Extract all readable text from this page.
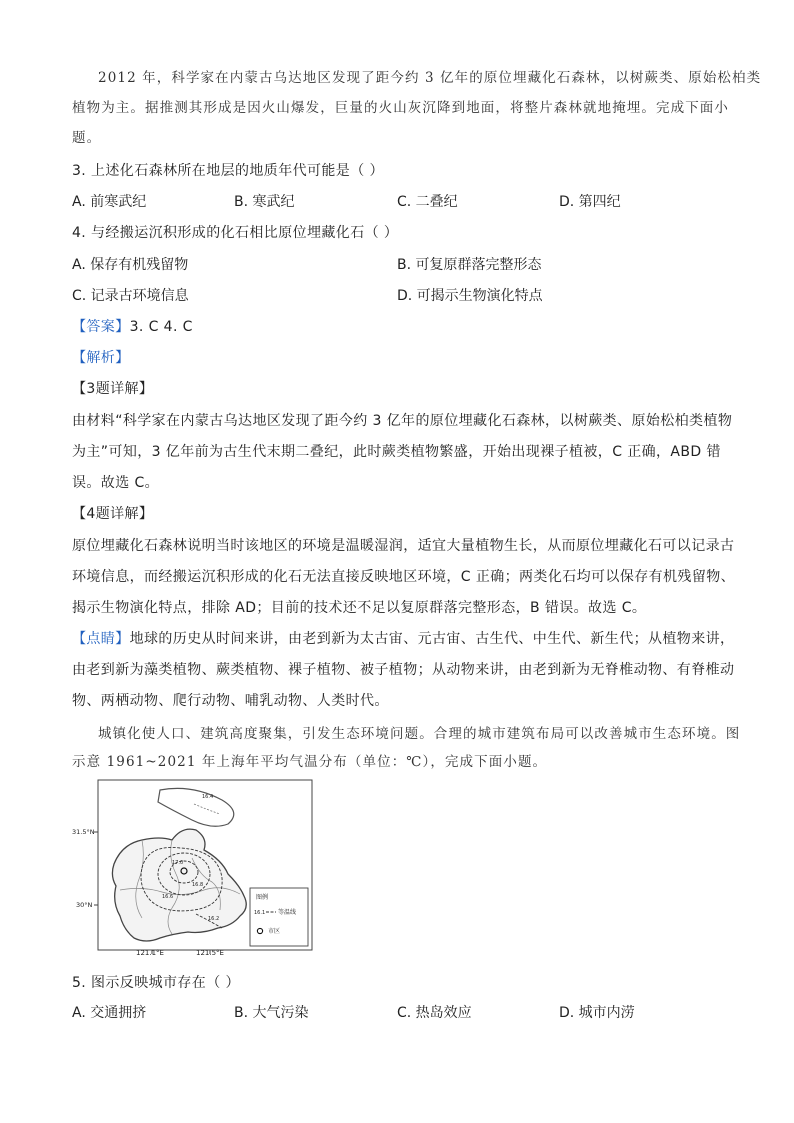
2012 年，科学家在内蒙古乌达地区发现了距今约 3 亿年的原位埋藏化石森林，以树蕨类、原始松柏类
植物为主。据推测其形成是因火山爆发，巨量的火山灰沉降到地面，将整片森林就地掩埋。完成下面小
题。
3. 上述化石森林所在地层的地质年代可能是（ ）
A. 前寒武纪	B. 寒武纪	C. 二叠纪	D. 第四纪
4. 与经搬运沉积形成的化石相比原位埋藏化石（ ）
A. 保存有机残留物	B. 可复原群落完整形态
C. 记录古环境信息	D. 可揭示生物演化特点
【答案】3. C 4. C
【解析】
【3题详解】
由材料“科学家在内蒙古乌达地区发现了距今约 3 亿年的原位埋藏化石森林，以树蕨类、原始松柏类植物
为主”可知，3 亿年前为古生代末期二叠纪，此时蕨类植物繁盛，开始出现裸子植被，C 正确，ABD 错
误。故选 C。
【4题详解】
原位埋藏化石森林说明当时该地区的环境是温暖湿润，适宜大量植物生长，从而原位埋藏化石可以记录古
环境信息，而经搬运沉积形成的化石无法直接反映地区环境，C 正确；两类化石均可以保存有机残留物、
揭示生物演化特点，排除 AD；目前的技术还不足以复原群落完整形态，B 错误。故选 C。
【点睛】地球的历史从时间来讲，由老到新为太古宙、元古宙、古生代、中生代、新生代；从植物来讲，
由老到新为藻类植物、蕨类植物、裸子植物、被子植物；从动物来讲，由老到新为无脊椎动物、有脊椎动
物、两栖动物、爬行动物、哺乳动物、人类时代。
城镇化使人口、建筑高度聚集，引发生态环境问题。合理的城市建筑布局可以改善城市生态环境。图
示意 1961~2021 年上海年平均气温分布（单位：℃），完成下面小题。
17.0
16.8
16.6
16.4
16.2
图例
16.1 等温线
市区
31.5°N
30°N
121.1°E	121.5°E
5. 图示反映城市存在（ ）
A. 交通拥挤	B. 大气污染	C. 热岛效应	D. 城市内涝
